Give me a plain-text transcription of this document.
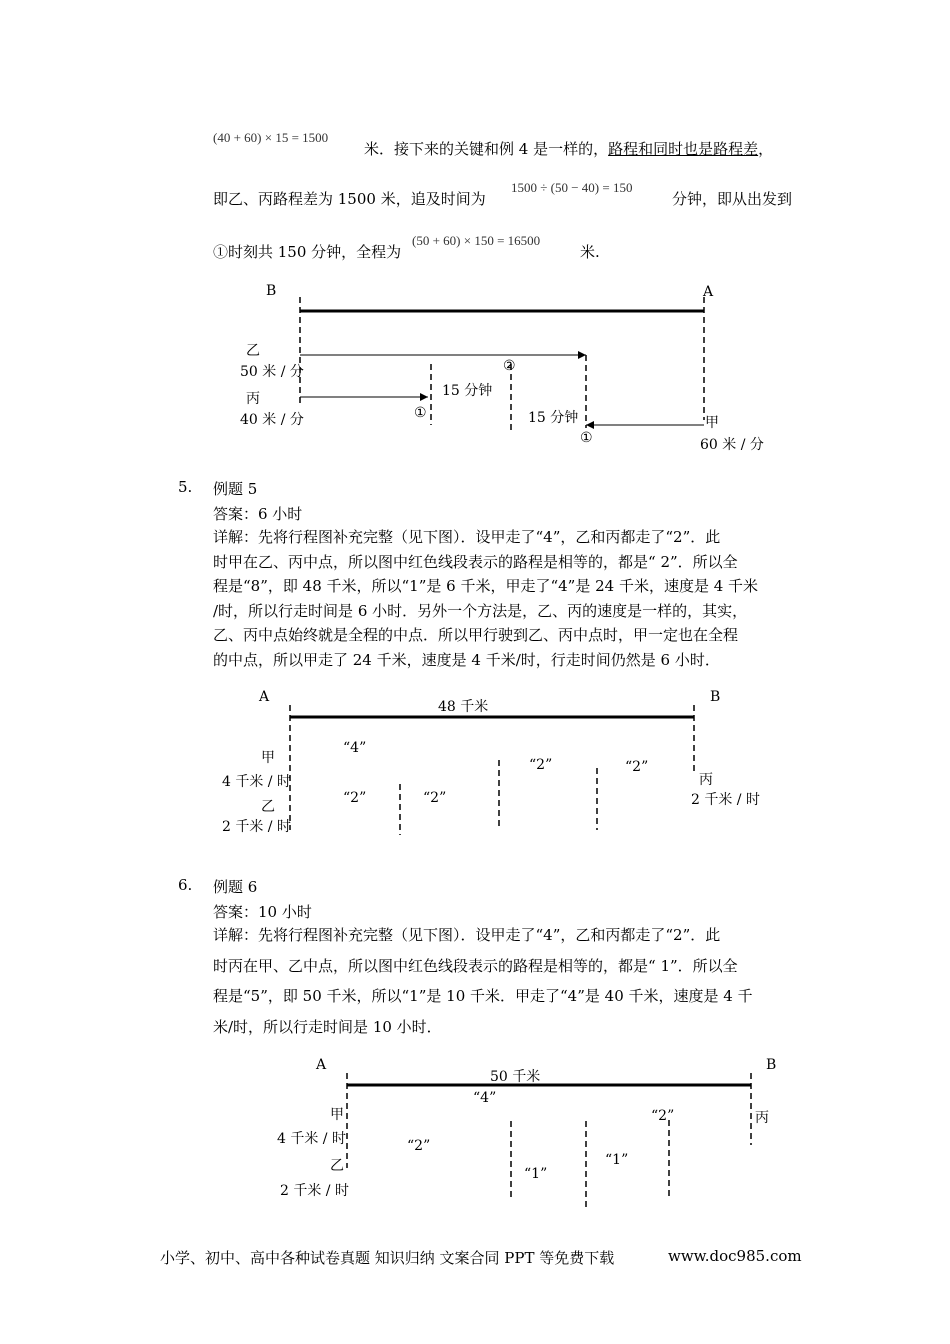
(40 + 60) × 15 = 1500
米．接下来的关键和例 4 是一样的，路程和同时也是路程差，
即乙、丙路程差为 1500 米，追及时间为
1500 ÷ (50 − 40) = 150
分钟，即从出发到
①时刻共 150 分钟，全程为
(50 + 60) × 150 = 16500
米.
B	A
乙
50 米 / 分
丙
40 米 / 分
15 分钟
15 分钟
②
①
①
甲
60 米 / 分
5. 例题 5
答案：6 小时
详解：先将行程图补充完整（见下图）．设甲走了“4”，乙和丙都走了“2”．此
时甲在乙、丙中点，所以图中红色线段表示的路程是相等的，都是“ 2”．所以全
程是“8”，即 48 千米，所以“1”是 6 千米，甲走了“4”是 24 千米，速度是 4 千米
/时，所以行走时间是 6 小时．另外一个方法是，乙、丙的速度是一样的，其实，
乙、丙中点始终就是全程的中点．所以甲行驶到乙、丙中点时，甲一定也在全程
的中点，所以甲走了 24 千米，速度是 4 千米/时，行走时间仍然是 6 小时．
A	B
48 千米
甲
4 千米 / 时
乙
2 千米 / 时
丙
2 千米 / 时
“4”
“2”	“2”
“2”	“2”
6. 例题 6
答案：10 小时
详解：先将行程图补充完整（见下图）．设甲走了“4”，乙和丙都走了“2”．此
时丙在甲、乙中点，所以图中红色线段表示的路程是相等的，都是“ 1”．所以全
程是“5”，即 50 千米，所以“1”是 10 千米．甲走了“4”是 40 千米，速度是 4 千
米/时，所以行走时间是 10 小时．
A	B
50 千米
“4”
甲
4 千米 / 时
乙
2 千米 / 时
丙
“2”
“2”
“1”
“1”
小学、初中、高中各种试卷真题 知识归纳 文案合同 PPT 等免费下载	www.doc985.com
